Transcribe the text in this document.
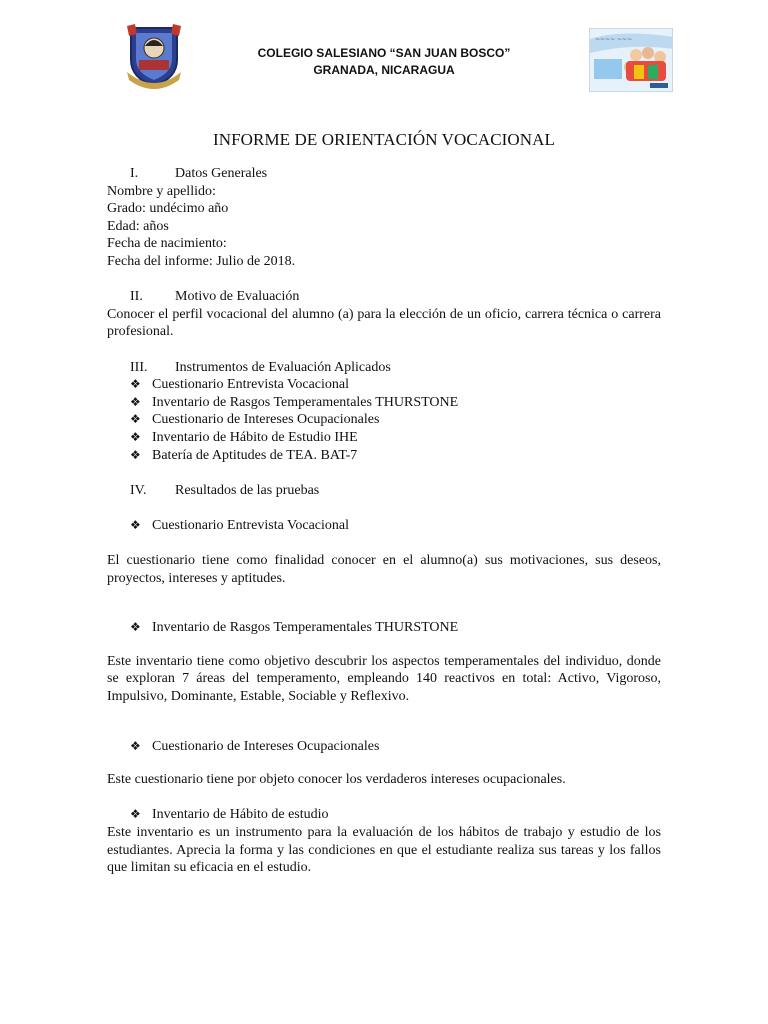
COLEGIO SALESIANO “SAN JUAN BOSCO”
GRANADA, NICARAGUA
~~~~ ~~~
INFORME DE ORIENTACIÓN VOCACIONAL
I.	Datos Generales

Nombre y apellido:

Grado: undécimo año

Edad: años

Fecha de nacimiento:

Fecha del informe: Julio de 2018.

II.	Motivo de Evaluación

Conocer el perfil vocacional del alumno (a) para la elección de un oficio, carrera técnica o carrera profesional.

III.	Instrumentos de Evaluación Aplicados
❖ Cuestionario Entrevista Vocacional
❖ Inventario de Rasgos Temperamentales THURSTONE
❖ Cuestionario de Intereses Ocupacionales
❖ Inventario de Hábito de Estudio IHE
❖ Batería de Aptitudes de TEA. BAT-7
IV.	Resultados de las pruebas
❖ Cuestionario Entrevista Vocacional

El cuestionario tiene como finalidad conocer en el alumno(a) sus motivaciones, sus deseos, proyectos, intereses y aptitudes.

❖ Inventario de Rasgos Temperamentales THURSTONE

Este inventario tiene como objetivo descubrir los aspectos temperamentales del individuo, donde se exploran 7 áreas del temperamento, empleando 140 reactivos en total: Activo, Vigoroso, Impulsivo, Dominante, Estable, Sociable y Reflexivo.

❖ Cuestionario de Intereses Ocupacionales

Este cuestionario tiene por objeto conocer los verdaderos intereses ocupacionales.

❖ Inventario de Hábito de estudio

Este inventario es un instrumento para la evaluación de los hábitos de trabajo y estudio de los estudiantes. Aprecia la forma y las condiciones en que el estudiante realiza sus tareas y los fallos que limitan su eficacia en el estudio.
